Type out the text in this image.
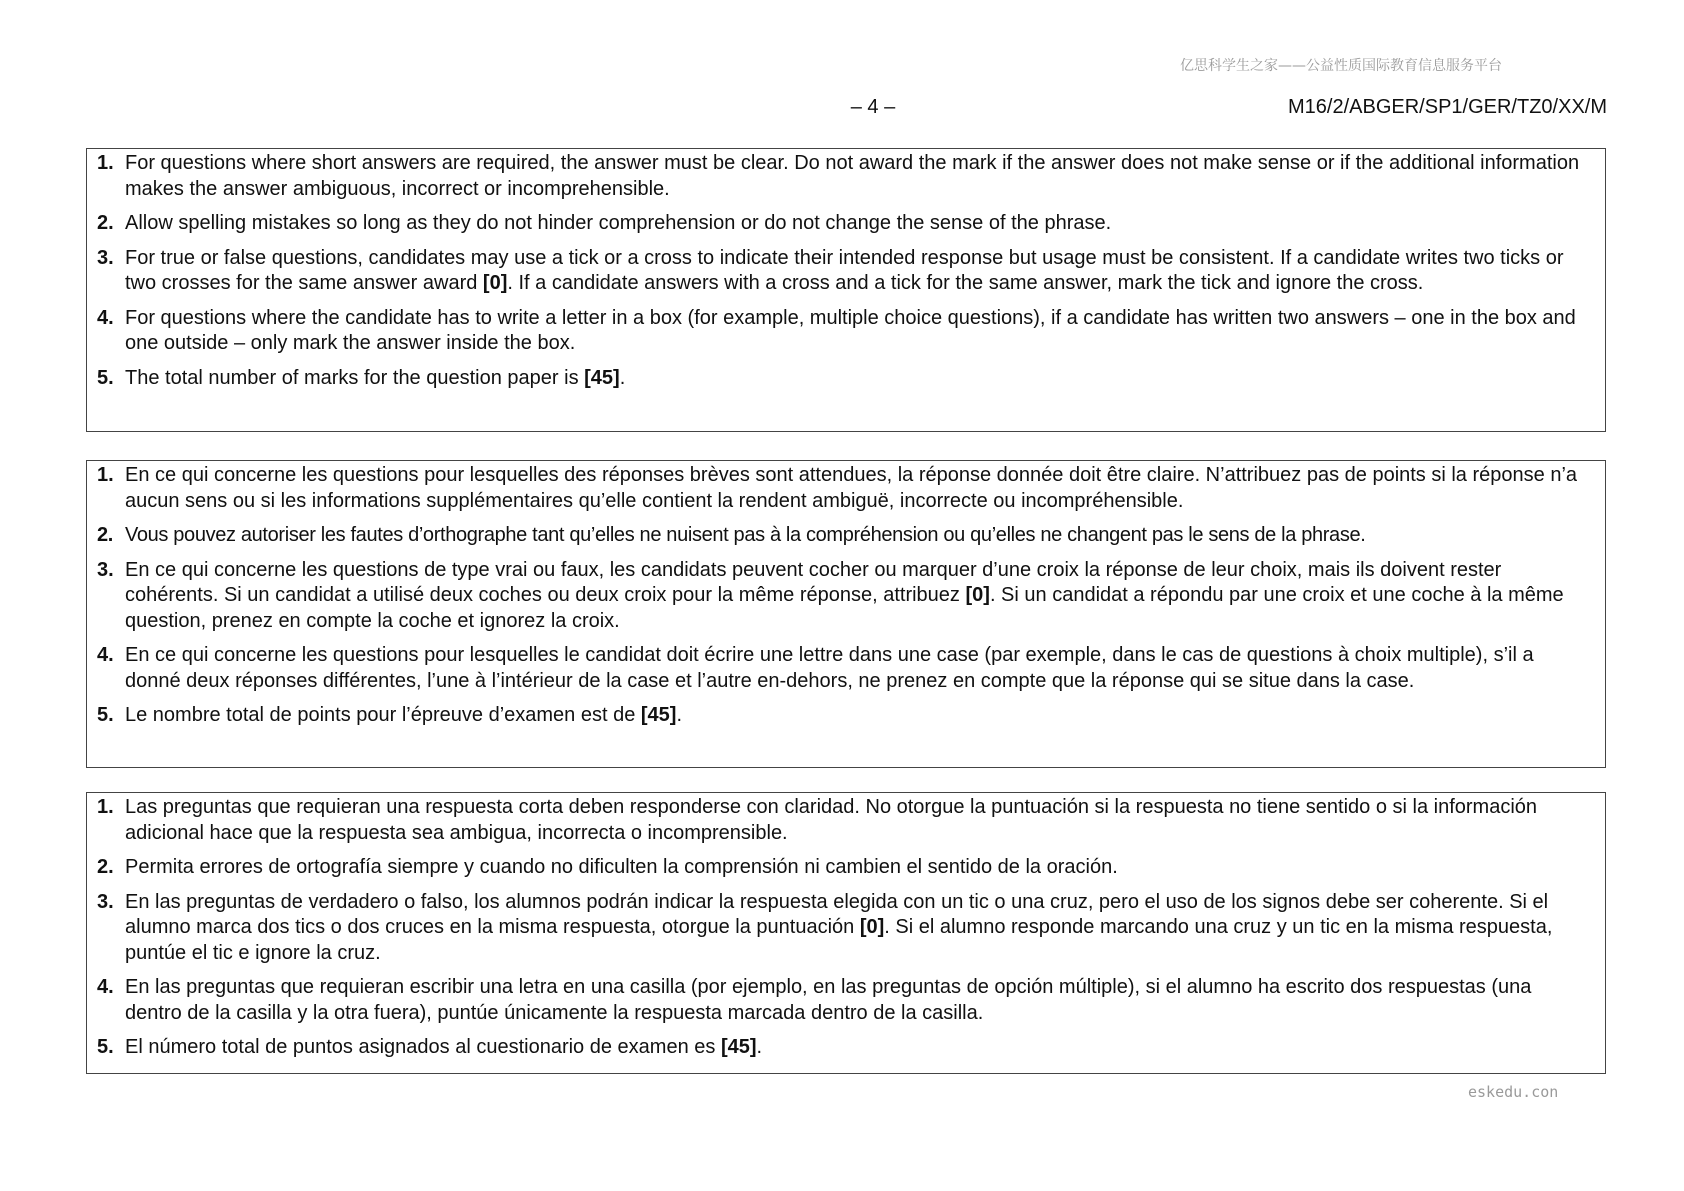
亿思科学生之家——公益性质国际教育信息服务平台
– 4 –	M16/2/ABGER/SP1/GER/TZ0/XX/M
1. For questions where short answers are required, the answer must be clear. Do not award the mark if the answer does not make sense or if the additional information makes the answer ambiguous, incorrect or incomprehensible.
2. Allow spelling mistakes so long as they do not hinder comprehension or do not change the sense of the phrase.
3. For true or false questions, candidates may use a tick or a cross to indicate their intended response but usage must be consistent. If a candidate writes two ticks or two crosses for the same answer award [0]. If a candidate answers with a cross and a tick for the same answer, mark the tick and ignore the cross.
4. For questions where the candidate has to write a letter in a box (for example, multiple choice questions), if a candidate has written two answers – one in the box and one outside – only mark the answer inside the box.
5. The total number of marks for the question paper is [45].
1. En ce qui concerne les questions pour lesquelles des réponses brèves sont attendues, la réponse donnée doit être claire. N’attribuez pas de points si la réponse n’a aucun sens ou si les informations supplémentaires qu’elle contient la rendent ambiguë, incorrecte ou incompréhensible.
2. Vous pouvez autoriser les fautes d’orthographe tant qu’elles ne nuisent pas à la compréhension ou qu’elles ne changent pas le sens de la phrase.
3. En ce qui concerne les questions de type vrai ou faux, les candidats peuvent cocher ou marquer d’une croix la réponse de leur choix, mais ils doivent rester cohérents. Si un candidat a utilisé deux coches ou deux croix pour la même réponse, attribuez [0]. Si un candidat a répondu par une croix et une coche à la même question, prenez en compte la coche et ignorez la croix.
4. En ce qui concerne les questions pour lesquelles le candidat doit écrire une lettre dans une case (par exemple, dans le cas de questions à choix multiple), s’il a donné deux réponses différentes, l’une à l’intérieur de la case et l’autre en-dehors, ne prenez en compte que la réponse qui se situe dans la case.
5. Le nombre total de points pour l’épreuve d’examen est de [45].
1. Las preguntas que requieran una respuesta corta deben responderse con claridad. No otorgue la puntuación si la respuesta no tiene sentido o si la información adicional hace que la respuesta sea ambigua, incorrecta o incomprensible.
2. Permita errores de ortografía siempre y cuando no dificulten la comprensión ni cambien el sentido de la oración.
3. En las preguntas de verdadero o falso, los alumnos podrán indicar la respuesta elegida con un tic o una cruz, pero el uso de los signos debe ser coherente. Si el alumno marca dos tics o dos cruces en la misma respuesta, otorgue la puntuación [0]. Si el alumno responde marcando una cruz y un tic en la misma respuesta, puntúe el tic e ignore la cruz.
4. En las preguntas que requieran escribir una letra en una casilla (por ejemplo, en las preguntas de opción múltiple), si el alumno ha escrito dos respuestas (una dentro de la casilla y la otra fuera), puntúe únicamente la respuesta marcada dentro de la casilla.
5. El número total de puntos asignados al cuestionario de examen es [45].
eskedu.con
